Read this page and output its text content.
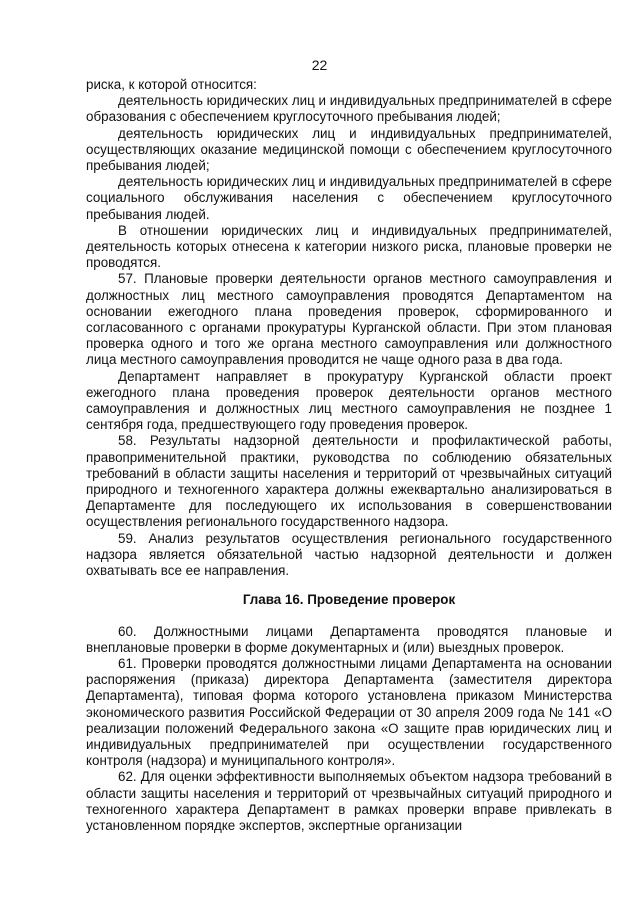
22

риска, к которой относится:

деятельность юридических лиц и индивидуальных предпринимателей в сфере образования с обеспечением круглосуточного пребывания людей;

деятельность юридических лиц и индивидуальных предпринимателей, осуществляющих оказание медицинской помощи с обеспечением круглосуточного пребывания людей;

деятельность юридических лиц и индивидуальных предпринимателей в сфере социального обслуживания населения с обеспечением круглосуточного пребывания людей.

В отношении юридических лиц и индивидуальных предпринимателей, деятельность которых отнесена к категории низкого риска, плановые проверки не проводятся.

57. Плановые проверки деятельности органов местного самоуправления и должностных лиц местного самоуправления проводятся Департаментом на основании ежегодного плана проведения проверок, сформированного и согласованного с органами прокуратуры Курганской области. При этом плановая проверка одного и того же органа местного самоуправления или должностного лица местного самоуправления проводится не чаще одного раза в два года.

Департамент направляет в прокуратуру Курганской области проект ежегодного плана проведения проверок деятельности органов местного самоуправления и должностных лиц местного самоуправления не позднее 1 сентября года, предшествующего году проведения проверок.

58. Результаты надзорной деятельности и профилактической работы, правоприменительной практики, руководства по соблюдению обязательных требований в области защиты населения и территорий от чрезвычайных ситуаций природного и техногенного характера должны ежеквартально анализироваться в Департаменте для последующего их использования в совершенствовании осуществления регионального государственного надзора.

59. Анализ результатов осуществления регионального государственного надзора является обязательной частью надзорной деятельности и должен охватывать все ее направления.

Глава 16. Проведение проверок

60. Должностными лицами Департамента проводятся плановые и внеплановые проверки в форме документарных и (или) выездных проверок.

61. Проверки проводятся должностными лицами Департамента на основании распоряжения (приказа) директора Департамента (заместителя директора Департамента), типовая форма которого установлена приказом Министерства экономического развития Российской Федерации от 30 апреля 2009 года № 141 «О реализации положений Федерального закона «О защите прав юридических лиц и индивидуальных предпринимателей при осуществлении государственного контроля (надзора) и муниципального контроля».

62. Для оценки эффективности выполняемых объектом надзора требований в области защиты населения и территорий от чрезвычайных ситуаций природного и техногенного характера Департамент в рамках проверки вправе привлекать в установленном порядке экспертов, экспертные организации
